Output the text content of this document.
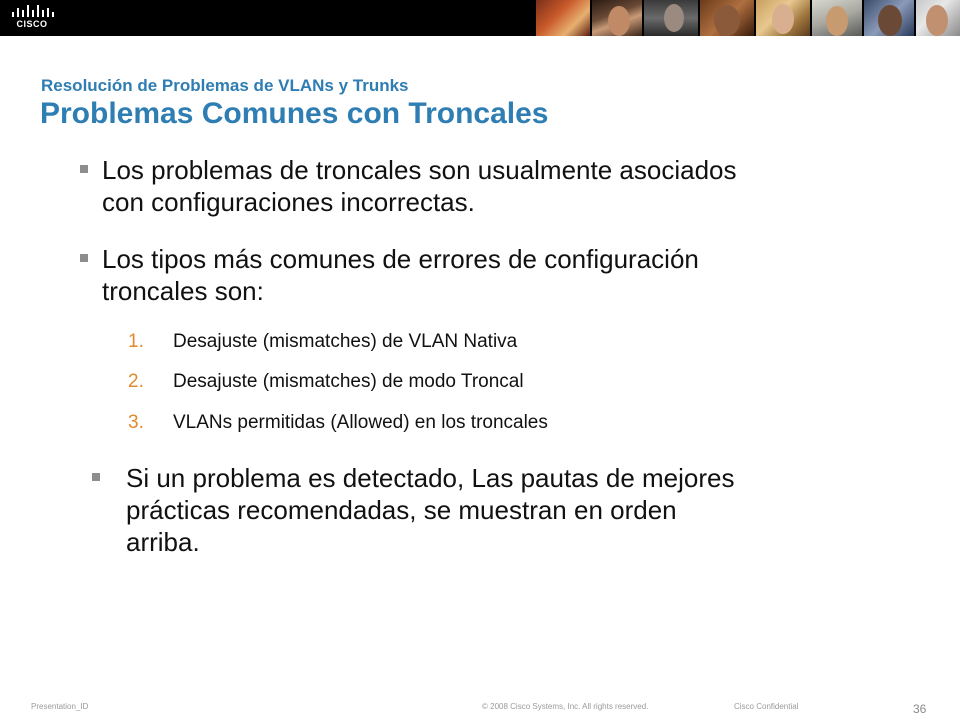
CISCO
Resolución de Problemas de VLANs y Trunks
Problemas Comunes con Troncales
Los problemas de troncales son usualmente asociados
con configuraciones incorrectas.
Los tipos más comunes de errores de configuración
troncales son:
1. Desajuste (mismatches) de VLAN Nativa
2. Desajuste (mismatches) de modo Troncal
3. VLANs permitidas (Allowed) en los troncales
Si un problema es detectado, Las pautas de mejores
prácticas recomendadas, se muestran en orden
arriba.
Presentation_ID	© 2008 Cisco Systems, Inc. All rights reserved.	Cisco Confidential	36
